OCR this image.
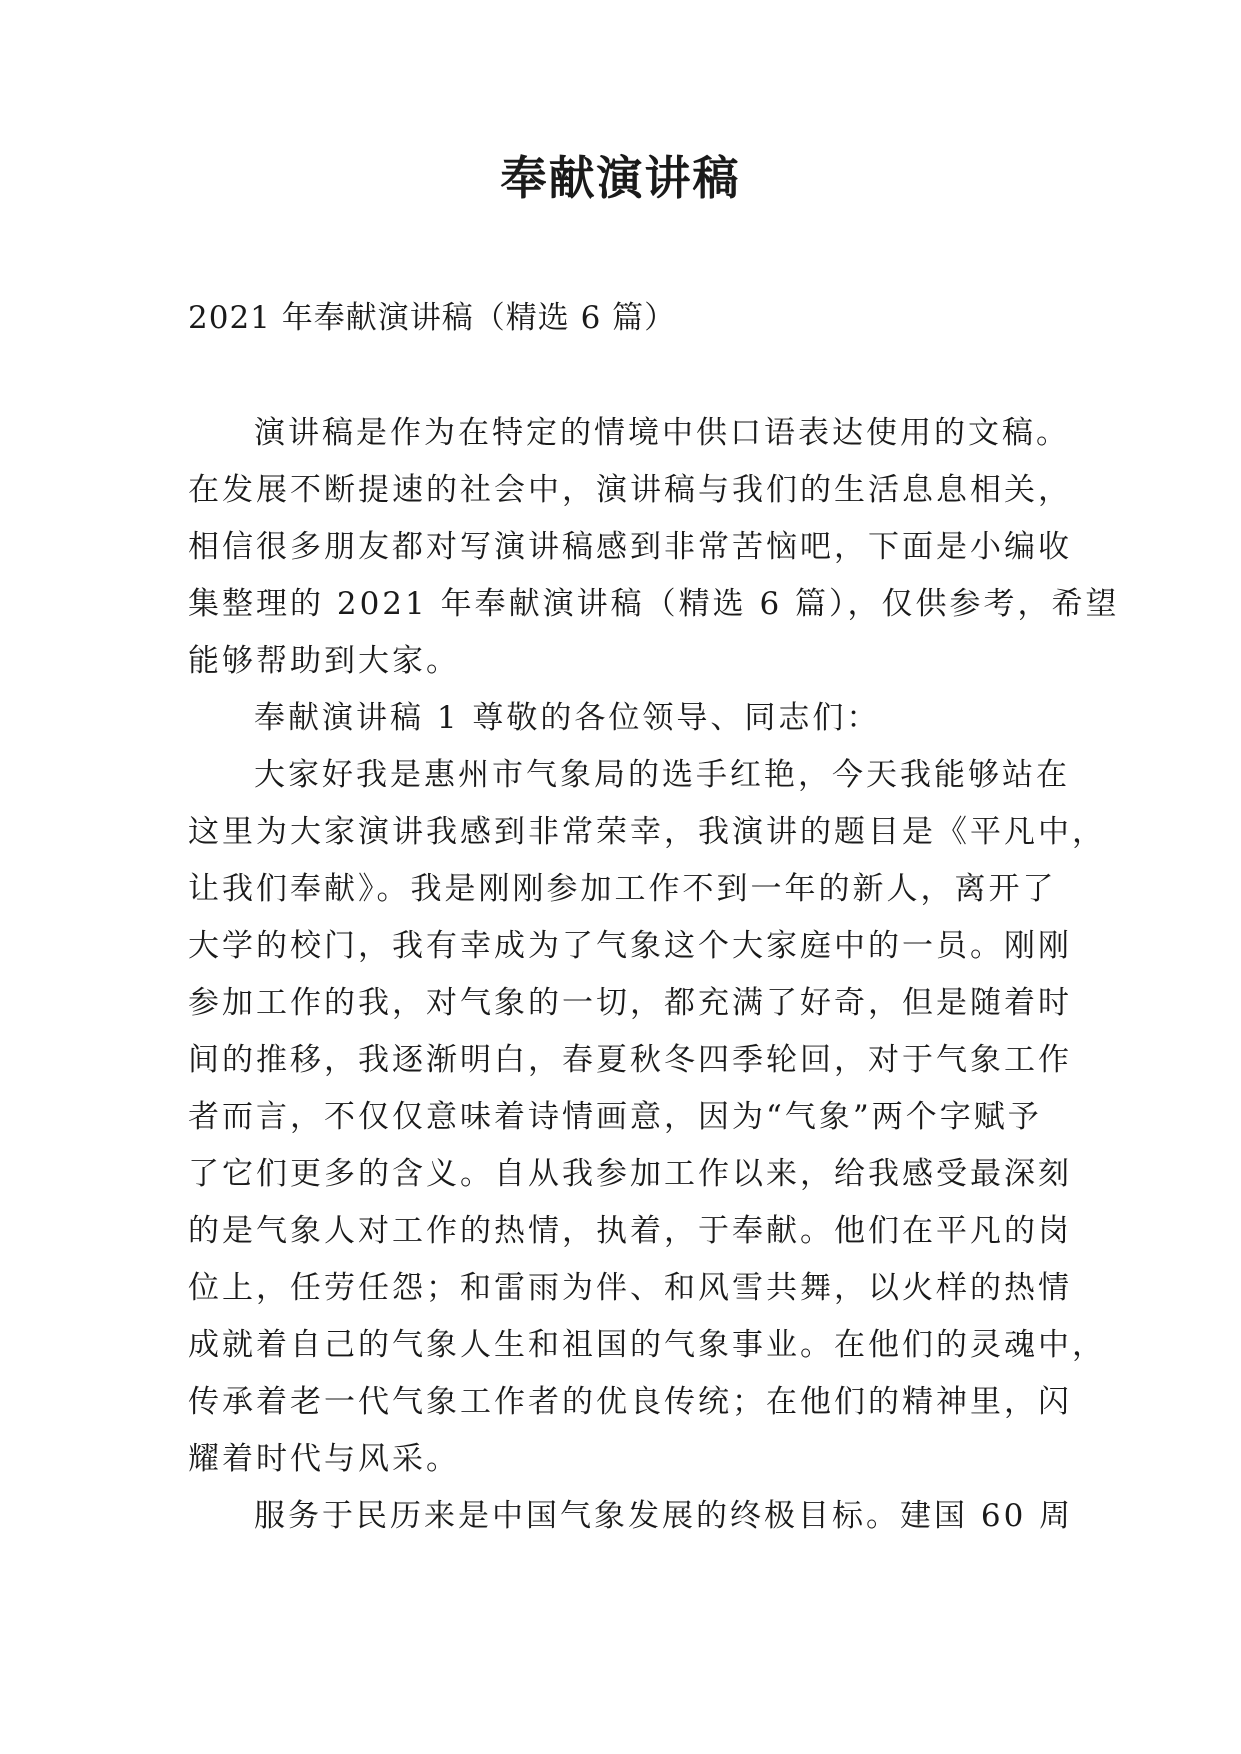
奉献演讲稿
2021 年奉献演讲稿（精选 6 篇）
演讲稿是作为在特定的情境中供口语表达使用的文稿。
在发展不断提速的社会中，演讲稿与我们的生活息息相关，
相信很多朋友都对写演讲稿感到非常苦恼吧，下面是小编收
集整理的 2021 年奉献演讲稿（精选 6 篇），仅供参考，希望
能够帮助到大家。
奉献演讲稿 1 尊敬的各位领导、同志们：
大家好我是惠州市气象局的选手红艳，今天我能够站在
这里为大家演讲我感到非常荣幸，我演讲的题目是《平凡中，
让我们奉献》。我是刚刚参加工作不到一年的新人，离开了
大学的校门，我有幸成为了气象这个大家庭中的一员。刚刚
参加工作的我，对气象的一切，都充满了好奇，但是随着时
间的推移，我逐渐明白，春夏秋冬四季轮回，对于气象工作
者而言，不仅仅意味着诗情画意，因为“气象”两个字赋予
了它们更多的含义。自从我参加工作以来，给我感受最深刻
的是气象人对工作的热情，执着，于奉献。他们在平凡的岗
位上，任劳任怨；和雷雨为伴、和风雪共舞，以火样的热情
成就着自己的气象人生和祖国的气象事业。在他们的灵魂中，
传承着老一代气象工作者的优良传统；在他们的精神里，闪
耀着时代与风采。
服务于民历来是中国气象发展的终极目标。建国 60 周
